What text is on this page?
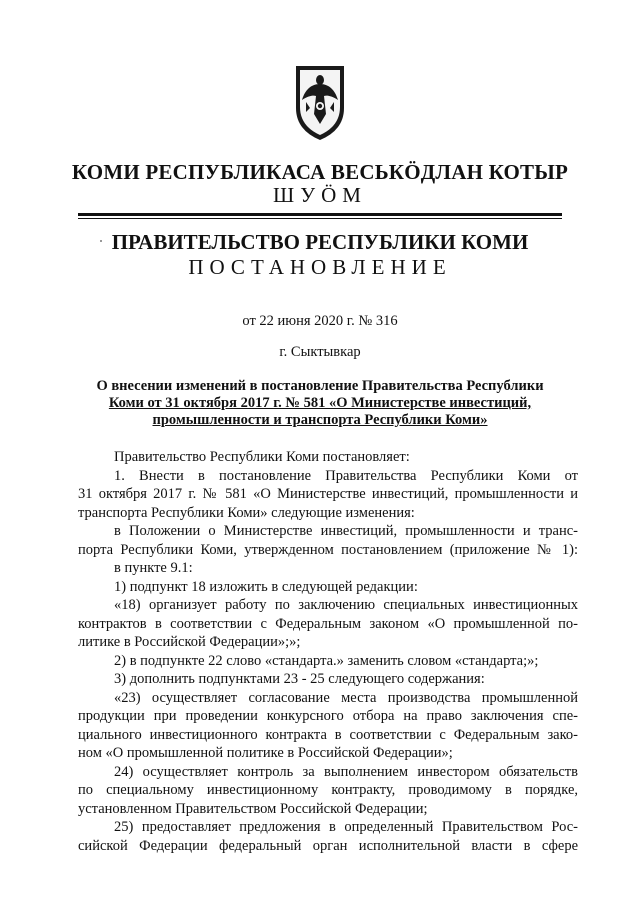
КОМИ РЕСПУБЛИКАСА ВЕСЬКӦДЛАН КОТЫР
ШУӦМ
ПРАВИТЕЛЬСТВО РЕСПУБЛИКИ КОМИ
ПОСТАНОВЛЕНИЕ
от 22 июня 2020 г. № 316
г. Сыктывкар
О внесении изменений в постановление Правительства Республики
Коми от 31 октября 2017 г. № 581 «О Министерстве инвестиций,
промышленности и транспорта Республики Коми»
Правительство Республики Коми постановляет:
1. Внести в постановление Правительства Республики Коми от
31 октября 2017 г. № 581 «О Министерстве инвестиций, промышленности и
транспорта Республики Коми» следующие изменения:
в Положении о Министерстве инвестиций, промышленности и транс-
порта Республики Коми, утвержденном постановлением (приложение № 1):
в пункте 9.1:
1) подпункт 18 изложить в следующей редакции:
«18) организует работу по заключению специальных инвестиционных
контрактов в соответствии с Федеральным законом «О промышленной по-
литике в Российской Федерации»;»;
2) в подпункте 22 слово «стандарта.» заменить словом «стандарта;»;
3) дополнить подпунктами 23 - 25 следующего содержания:
«23) осуществляет согласование места производства промышленной
продукции при проведении конкурсного отбора на право заключения спе-
циального инвестиционного контракта в соответствии с Федеральным зако-
ном «О промышленной политике в Российской Федерации»;
24) осуществляет контроль за выполнением инвестором обязательств
по специальному инвестиционному контракту, проводимому в порядке,
установленном Правительством Российской Федерации;
25) предоставляет предложения в определенный Правительством Рос-
сийской Федерации федеральный орган исполнительной власти в сфере
